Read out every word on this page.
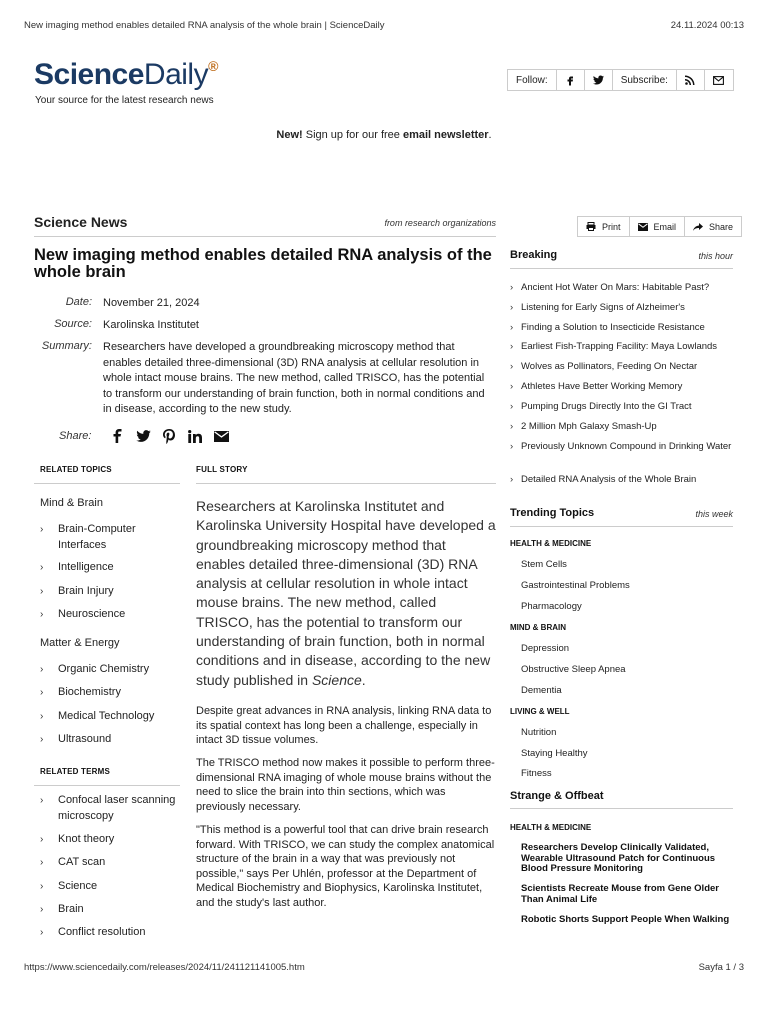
New imaging method enables detailed RNA analysis of the whole brain | ScienceDaily	24.11.2024 00:13
https://www.sciencedaily.com/releases/2024/11/241121141005.htm	Sayfa 1 / 3
ScienceDaily®
Your source for the latest research news
Follow:	Subscribe:
New! Sign up for our free email newsletter.
Science News	from research organizations	Print	Email	Share
New imaging method enables detailed RNA analysis of the whole brain
Date: November 21, 2024
Source: Karolinska Institutet
Summary: Researchers have developed a groundbreaking microscopy method that enables detailed three-dimensional (3D) RNA analysis at cellular resolution in whole intact mouse brains. The new method, called TRISCO, has the potential to transform our understanding of brain function, both in normal conditions and in disease, according to the new study.
Share:
RELATED TOPICS	FULL STORY
Mind & Brain
›	Brain-Computer Interfaces
›	Intelligence
›	Brain Injury
›	Neuroscience
Matter & Energy
›	Organic Chemistry
›	Biochemistry
›	Medical Technology
›	Ultrasound
RELATED TERMS
›	Confocal laser scanning microscopy
›	Knot theory
›	CAT scan
›	Science
›	Brain
›	Conflict resolution

Researchers at Karolinska Institutet and Karolinska University Hospital have developed a groundbreaking microscopy method that enables detailed three-dimensional (3D) RNA analysis at cellular resolution in whole intact mouse brains. The new method, called TRISCO, has the potential to transform our understanding of brain function, both in normal conditions and in disease, according to the new study published in Science.

Despite great advances in RNA analysis, linking RNA data to its spatial context has long been a challenge, especially in intact 3D tissue volumes.
The TRISCO method now makes it possible to perform three-dimensional RNA imaging of whole mouse brains without the need to slice the brain into thin sections, which was previously necessary.
"This method is a powerful tool that can drive brain research forward. With TRISCO, we can study the complex anatomical structure of the brain in a way that was previously not possible," says Per Uhlén, professor at the Department of Medical Biochemistry and Biophysics, Karolinska Institutet, and the study's last author.
Breaking	this hour
› Ancient Hot Water On Mars: Habitable Past?
› Listening for Early Signs of Alzheimer's
› Finding a Solution to Insecticide Resistance
› Earliest Fish-Trapping Facility: Maya Lowlands
› Wolves as Pollinators, Feeding On Nectar
› Athletes Have Better Working Memory
› Pumping Drugs Directly Into the GI Tract
› 2 Million Mph Galaxy Smash-Up
› Previously Unknown Compound in Drinking Water
› Detailed RNA Analysis of the Whole Brain
Trending Topics	this week
HEALTH & MEDICINE
Stem Cells
Gastrointestinal Problems
Pharmacology
MIND & BRAIN
Depression
Obstructive Sleep Apnea
Dementia
LIVING & WELL
Nutrition
Staying Healthy
Fitness
Strange & Offbeat
HEALTH & MEDICINE
Researchers Develop Clinically Validated, Wearable Ultrasound Patch for Continuous Blood Pressure Monitoring
Scientists Recreate Mouse from Gene Older Than Animal Life
Robotic Shorts Support People When Walking
